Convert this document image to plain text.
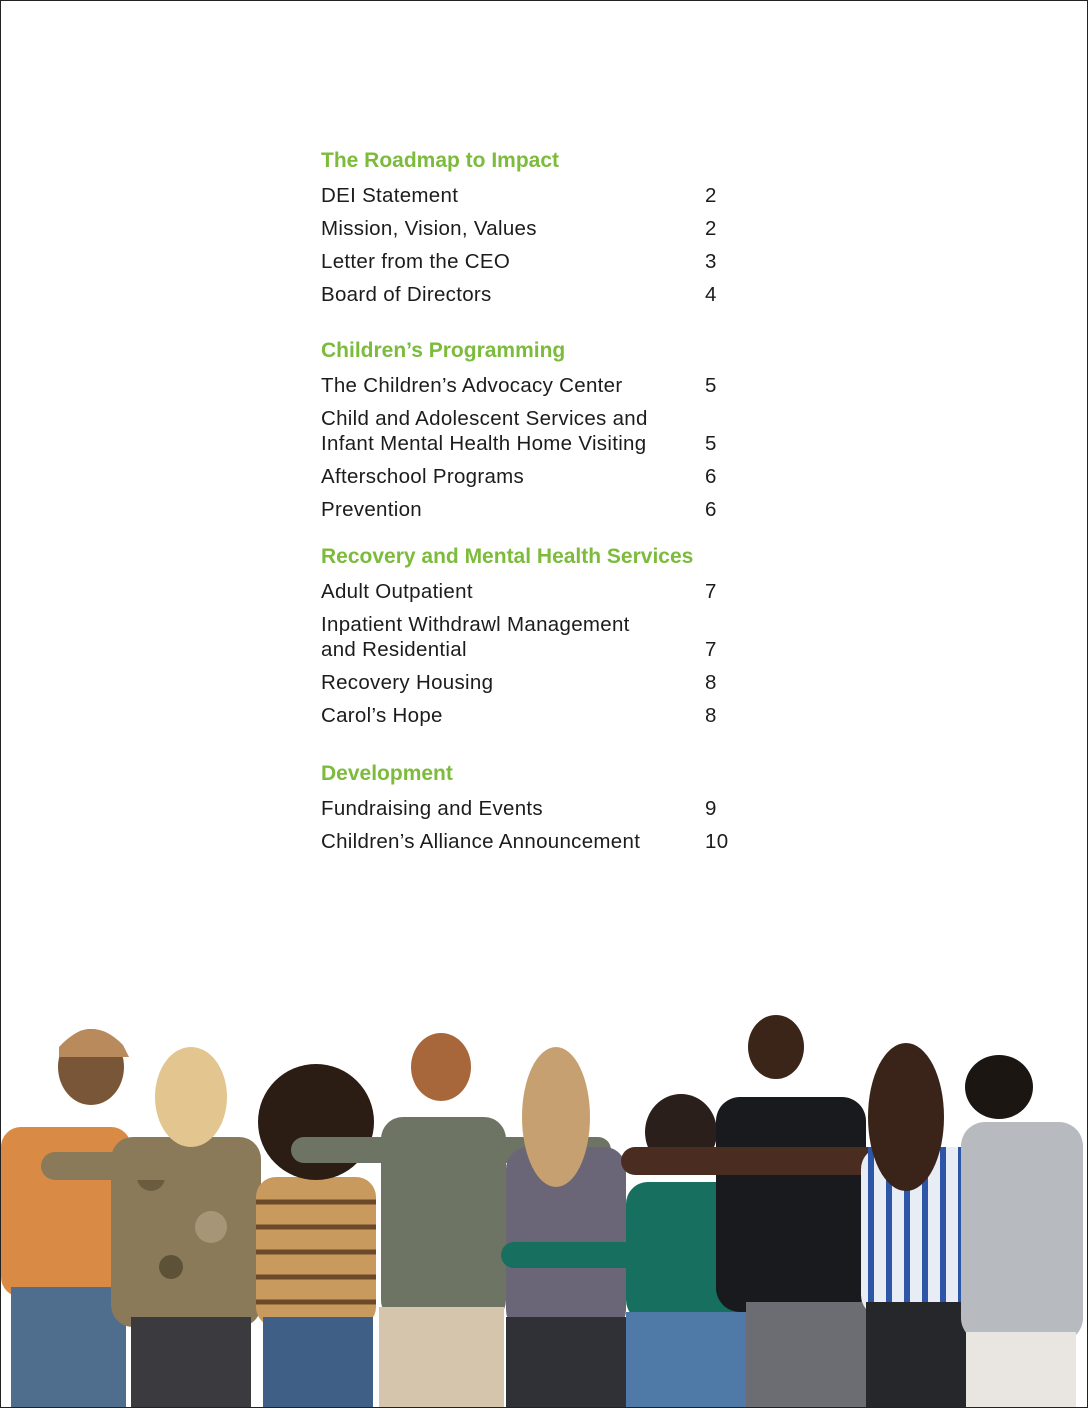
The Roadmap to Impact
DEI Statement	2
Mission, Vision, Values	2
Letter from the CEO	3
Board of Directors	4
Children’s Programming
The Children’s Advocacy Center	5
Child and Adolescent Services and
Infant Mental Health Home Visiting	5
Afterschool Programs	6
Prevention	6
Recovery and Mental Health Services
Adult Outpatient	7
Inpatient Withdrawl Management
and Residential	7
Recovery Housing	8
Carol’s Hope	8
Development
Fundraising and Events	9
Children’s Alliance Announcement	10
